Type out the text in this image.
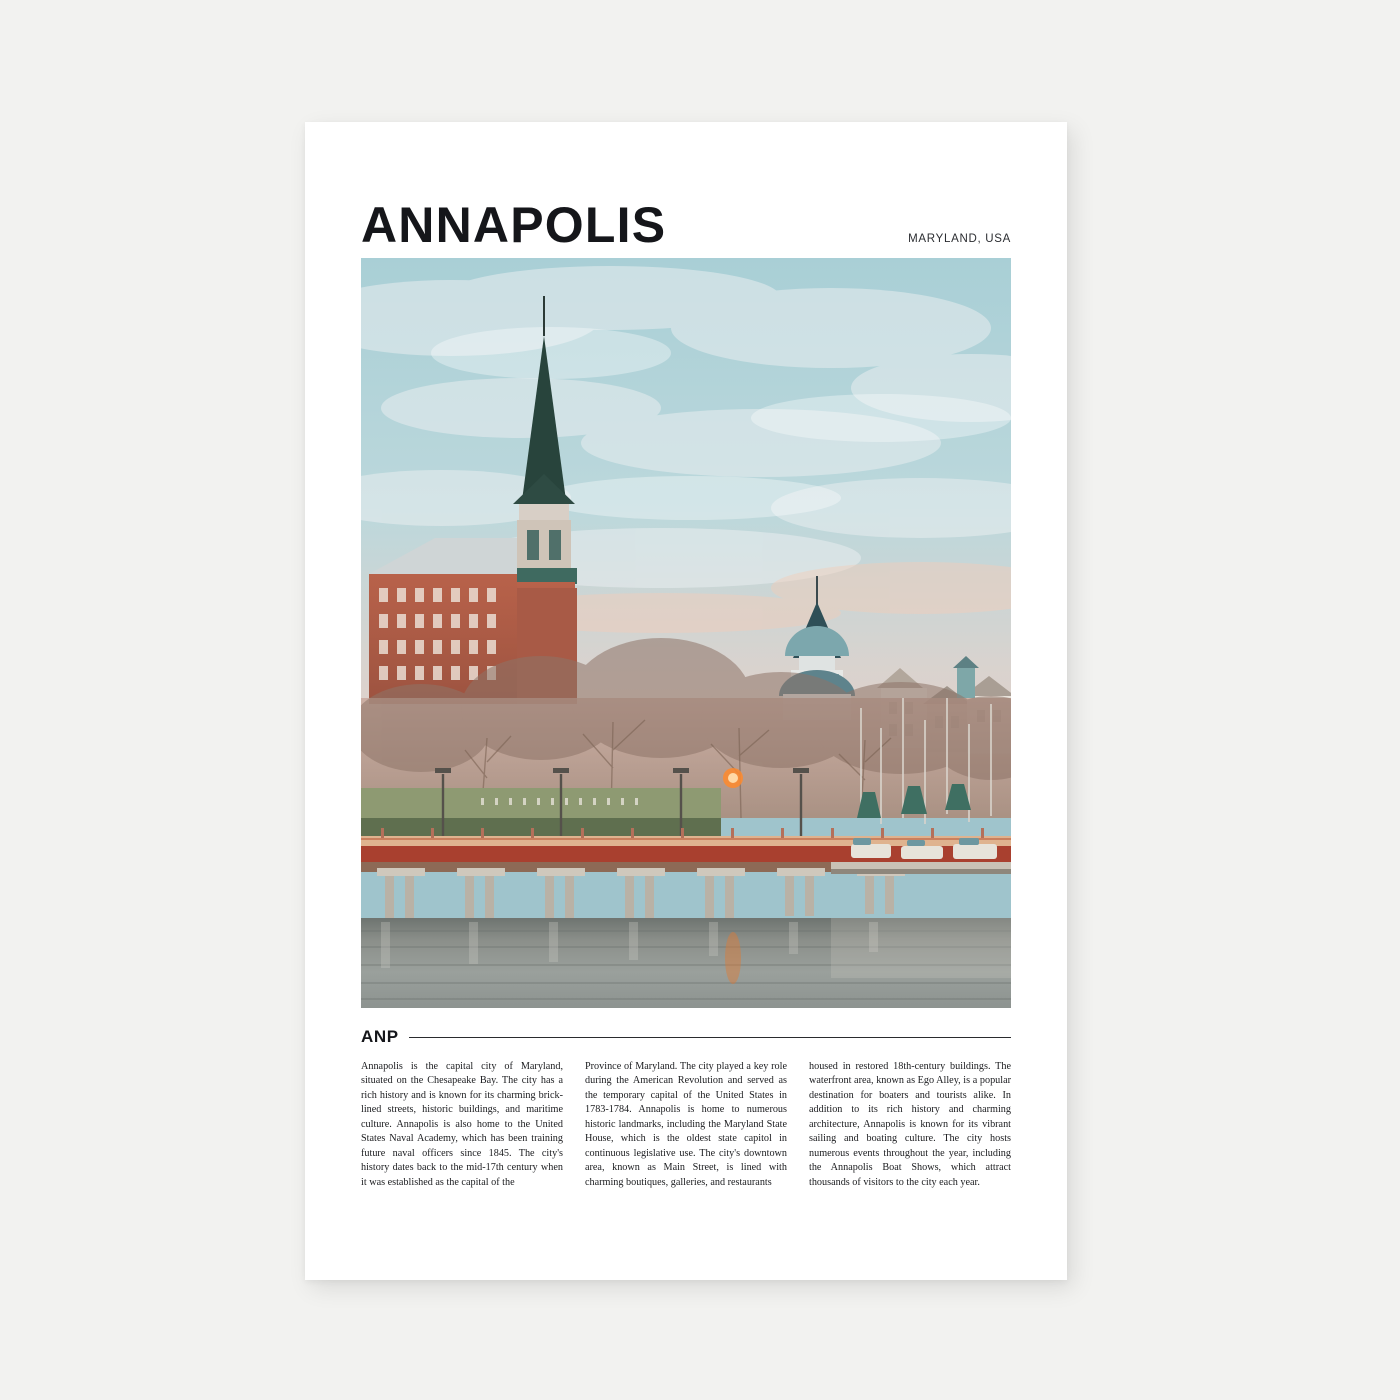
ANNAPOLIS	MARYLAND, USA
ANP
Annapolis is the capital city of Maryland, situated on the Chesapeake Bay. The city has a rich history and is known for its charming brick-lined streets, historic buildings, and maritime culture. Annapolis is also home to the United States Naval Academy, which has been training future naval officers since 1845. The city's history dates back to the mid-17th century when it was established as the capital of the
Province of Maryland. The city played a key role during the American Revolution and served as the temporary capital of the United States in 1783-1784. Annapolis is home to numerous historic landmarks, including the Maryland State House, which is the oldest state capitol in continuous legislative use. The city's downtown area, known as Main Street, is lined with charming boutiques, galleries, and restaurants
housed in restored 18th-century buildings. The waterfront area, known as Ego Alley, is a popular destination for boaters and tourists alike. In addition to its rich history and charming architecture, Annapolis is known for its vibrant sailing and boating culture. The city hosts numerous events throughout the year, including the Annapolis Boat Shows, which attract thousands of visitors to the city each year.
